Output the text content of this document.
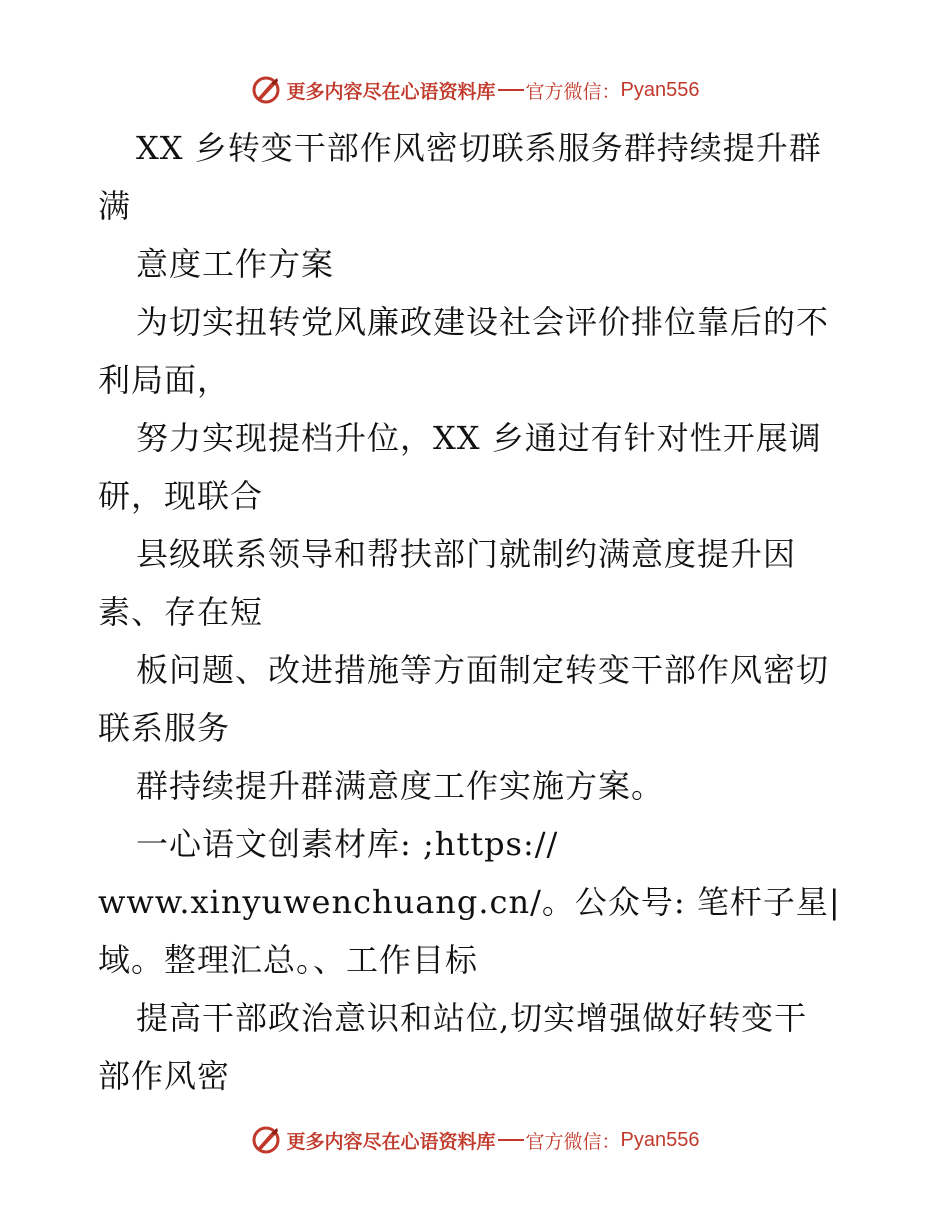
更多内容尽在心语资料库 官方微信： Pyan556
XX 乡转变干部作风密切联系服务群持续提升群
满
意度工作方案
为切实扭转党风廉政建设社会评价排位靠后的不
利局面，
努力实现提档升位，XX 乡通过有针对性开展调
研，现联合
县级联系领导和帮扶部门就制约满意度提升因
素、存在短
板问题、改进措施等方面制定转变干部作风密切
联系服务
群持续提升群满意度工作实施方案。
一心语文创素材库: ;https://
www.xinyuwenchuang.cn/。公众号: 笔杆子星|
域。整理汇总。、工作目标
提高干部政治意识和站位,切实增强做好转变干
部作风密
更多内容尽在心语资料库 官方微信： Pyan556
